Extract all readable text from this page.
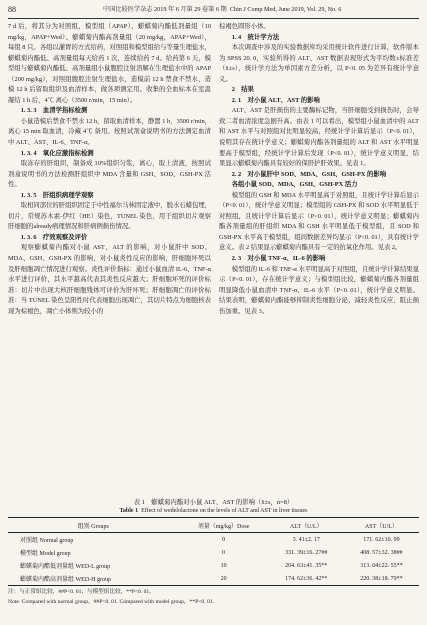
88	中国比较医学杂志 2019 年 6 月第 29 卷第 6 期 Chin J Comp Med, June 2019, Vol. 29, No. 6

7 d 后，将其分为对照组、模型组（APAP）、蟛蜞菊内酯低剂量组（10 mg/kg，APAP+Wed）、蟛蜞菊内酯高剂量组（20 mg/kg，APAP+Wed），每组 8 只。各组以灌胃的方式给药，对照组和模型组给与等量生理盐水，蟛蜞菊内酯低、高剂量组每天给药 1 次，连续给药 7 d。给药第 6 天，模型组与蟛蜞菊内酯低、高剂量组小鼠腹腔注射溶解在生理盐水中的 APAP（200 mg/kg），对照组腹腔注射生理盐水，造模前 12 h 禁食不禁水，造模 12 h 后留取组织及血清样本，做各项测定用。收集的全血标本在室温凝结 1 h 后，4℃ 离心（3500 r/min，15 min）。

1. 3. 3　血清学指标检测

小鼠造模后禁食不禁水 12 h，留取血清样本，静置 1 h，3500 r/min，离心 15 min 取血清，冷藏 4℃ 备用。按照试剂盒说明书的方法测定血清中 ALT、AST、IL-6、TNF-α。

1. 3. 4　氧化应激指标检测

取冻存的肝组织，制备成 10%组织匀浆，离心，取上清液，按照试剂盒说明书的方法检测肝组织中 MDA 含量和 GSH、SOD、GSH-PX 活性。

1. 3. 5　肝组织病理学观察

取相同部位的肝组织固定于中性福尔马林固定液中，脱水石蜡包埋，切片，常规苏木素-伊红（HE）染色，TUNEL 染色，用于组织切片观察肝细胞的already病理情况和肝病例损伤情况。

1. 3. 6　疗效观察及评价

观察蟛蜞菊内酯对小鼠 AST、ALT 的影响，对小鼠肝中 SOD、MDA、GSH、GSH-PX 的影响，对小鼠炎性反应的影响，肝细胞坏死以及肝细胞凋亡情况进行观察。炎性评价指标：通过小鼠血清 IL-6、TNF-α 水平进行评价，其水平越高代表其炎性反应越大；肝细胞坏死的评价标准：切片中出现大核肝细胞残体可评价为肝坏死；肝细胞凋亡的评价标准：当 TUNEL 染色呈阳性时代表细胞出现凋亡，其切片特点为细胞核表现为棕褐色，凋亡小体则为较小的

棕褐色圆形小体。

1. 4　统计学方法

本次调查中涉及的实验数据库均采用统计软件进行计算，软件版本为 SPSS 20. 0，实验所得的 ALT、AST 数据表现形式为平均数±标准差（x̄±s），统计学方法为单因素方差分析，以 P<0. 05 为差异有统计学意义。

2　结果

2. 1　对小鼠 ALT、AST 的影响

ALT、AST 是肝损伤的主要酶标记物，当肝细胞受到损伤时，会导致二者血清浓度急剧升高。由表 1 可以看出，模型组小鼠血清中的 ALT 和 AST 水平与对照组对比明显较高，经统计学计算后显示（P<0. 01），说明其存在统计学意义；蟛蜞菊内酯各剂量组的 ALT 和 AST 水平明显要高于模型组，经统计学计算后发现（P<0. 01），统计学意义明显，结果显示蟛蜞菊内酯具有较好的保肝护肝效果。见表 1。

2. 2　对小鼠肝中 SOD、MDA、GSH、GSH-PX 的影响

各组小鼠 SOD、MDA、GSH、GSH-PX 活力

模型组的 GSH 和 MDA 水平明显高于对照组，且统计学计算后显示（P<0. 01），统计学意义明显；模型组的 GSH-PX 和 SOD 水平明显低于对照组，且统计学计算后显示（P<0. 01），统计学意义明显；蟛蜞菊内酯各剂量组的肝组织 MDA 和 GSH 水平明显低于模型组，且 SOD 和 GSH-PX 水平高于模型组，组间数据差异均显示（P<0. 01），具有统计学意义。表 2 结果显示蟛蜞菊内酯具有一定的抗氧化作用。见表 2。

2. 3　对小鼠 TNF-α、IL-6 的影响

模型组的 IL-6 和 TNF-α 水平明显高于对照组，且统计学计算结果显示（P<0. 01），存在统计学意义；与模型组比较，蟛蜞菊内酯各剂量组明显降低小鼠血清中 TNF-α、IL-6 水平（P<0. 01），统计学意义明显。结果表明，蟛蜞菊内酯能够抑制炎性细胞分泌，减轻炎性反应，阻止损伤加重。见表 3。

表 1　蟛蜞菊内酯对小鼠 ALT、AST 的影响（x̄±s，n=8）
Table 1 Effect of wedelolactone on the levels of ALT and AST in liver tissues
组别 Groups	剂量（mg/kg）Dose	ALT（U/L）	AST（U/L）
对照组 Normal group	0	3. 41±2. 17	171. 62±10. 99
模型组 Model group	0	331. 39±16. 27##	408. 57±32. 38##
蟛蜞菊内酯低剂量组 WED-L group	10	204. 63±41. 35**	313. 04±22. 55**
蟛蜞菊内酯高剂量组 WED-H group	20	174. 62±36. 42**	220. 38±18. 79**
注：与正常组比较，##P<0. 01；与模型组比较，**P<0. 01。
Note. Compared with normal group，##P<0. 01. Compared with model group，**P<0. 01.
